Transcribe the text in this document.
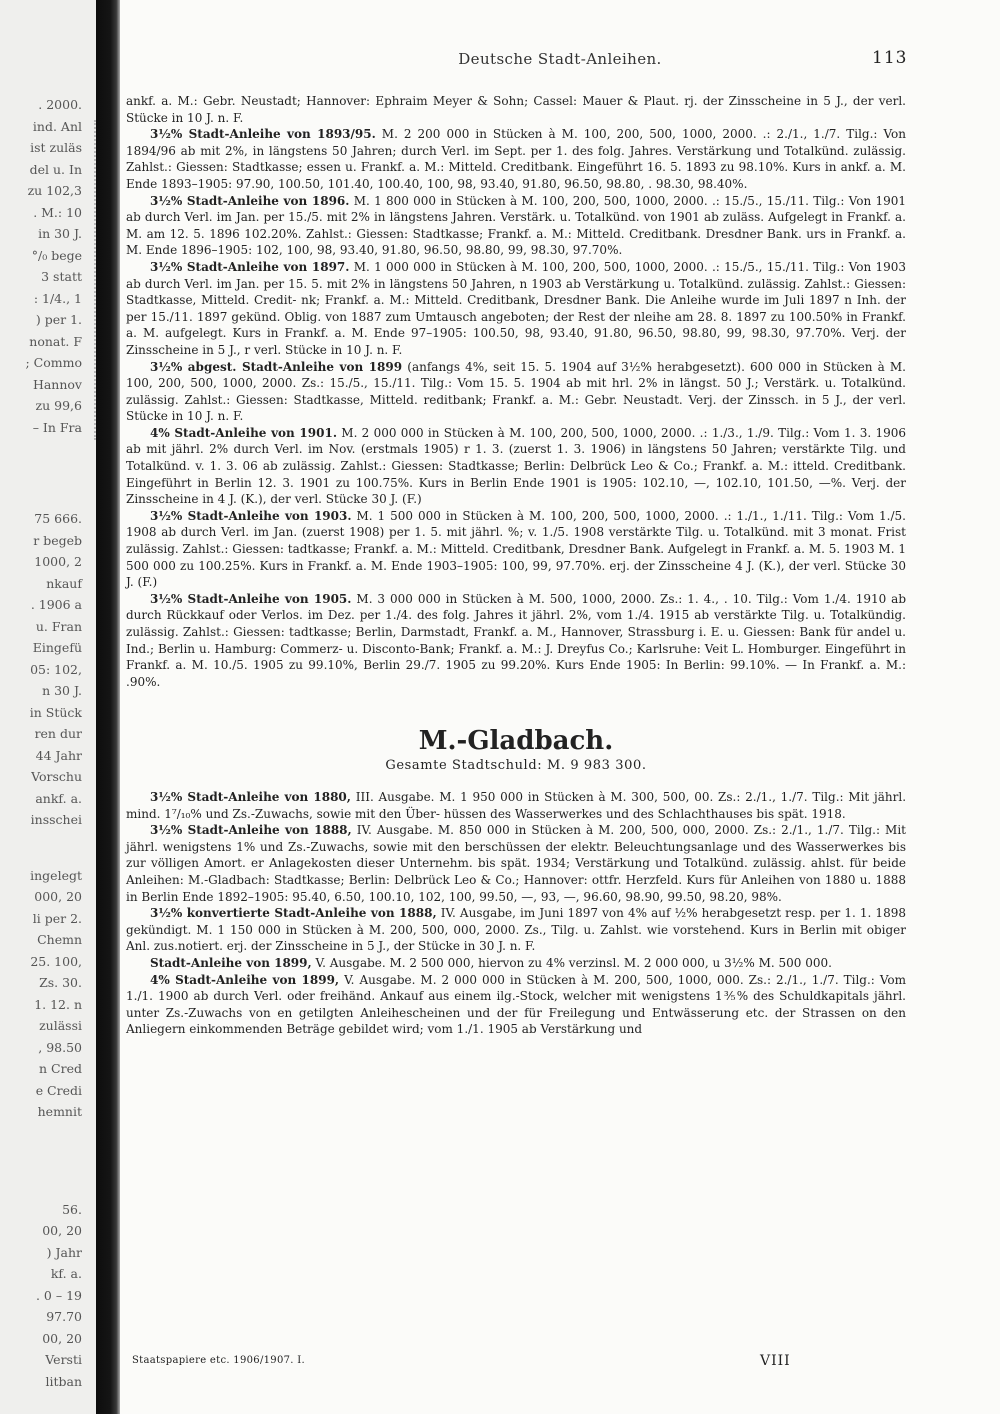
. 2000.
ind. Anl
ist zuläs
del u. In
zu 102,3
. M.: 10
in 30 J.
°/₀ bege
3 statt
: 1/4., 1
) per 1.
nonat. F
; Commo
Hannov
zu 99,6
– In Fra
75 666.
r begeb
1000, 2
nkauf
. 1906 a
u. Fran
Eingefü
05: 102,
n 30 J.
in Stück
ren dur
44 Jahr
Vorschu
ankf. a.
insschei
ingelegt
000, 20
li per 2.
Chemn
25. 100,
Zs. 30.
1. 12. n
zulässi
, 98.50
n Cred
e Credi
hemnit
56.
00, 20
) Jahr
kf. a.
. 0 – 19
97.70
00, 20
Versti
litban
Deutsche Stadt-Anleihen.	113

ankf. a. M.: Gebr. Neustadt; Hannover: Ephraim Meyer & Sohn; Cassel: Mauer & Plaut. rj. der Zinsscheine in 5 J., der verl. Stücke in 10 J. n. F.

3½% Stadt-Anleihe von 1893/95. M. 2 200 000 in Stücken à M. 100, 200, 500, 1000, 2000. .: 2./1., 1./7. Tilg.: Von 1894/96 ab mit 2%, in längstens 50 Jahren; durch Verl. im Sept. per 1. des folg. Jahres. Verstärkung und Totalkünd. zulässig. Zahlst.: Giessen: Stadtkasse; essen u. Frankf. a. M.: Mitteld. Creditbank. Eingeführt 16. 5. 1893 zu 98.10%. Kurs in ankf. a. M. Ende 1893–1905: 97.90, 100.50, 101.40, 100.40, 100, 98, 93.40, 91.80, 96.50, 98.80, . 98.30, 98.40%.

3½% Stadt-Anleihe von 1896. M. 1 800 000 in Stücken à M. 100, 200, 500, 1000, 2000. .: 15./5., 15./11. Tilg.: Von 1901 ab durch Verl. im Jan. per 15./5. mit 2% in längstens Jahren. Verstärk. u. Totalkünd. von 1901 ab zuläss. Aufgelegt in Frankf. a. M. am 12. 5. 1896 102.20%. Zahlst.: Giessen: Stadtkasse; Frankf. a. M.: Mitteld. Creditbank. Dresdner Bank. urs in Frankf. a. M. Ende 1896–1905: 102, 100, 98, 93.40, 91.80, 96.50, 98.80, 99, 98.30, 97.70%.

3½% Stadt-Anleihe von 1897. M. 1 000 000 in Stücken à M. 100, 200, 500, 1000, 2000. .: 15./5., 15./11. Tilg.: Von 1903 ab durch Verl. im Jan. per 15. 5. mit 2% in längstens 50 Jahren, n 1903 ab Verstärkung u. Totalkünd. zulässig. Zahlst.: Giessen: Stadtkasse, Mitteld. Credit- nk; Frankf. a. M.: Mitteld. Creditbank, Dresdner Bank. Die Anleihe wurde im Juli 1897 n Inh. der per 15./11. 1897 gekünd. Oblig. von 1887 zum Umtausch angeboten; der Rest der nleihe am 28. 8. 1897 zu 100.50% in Frankf. a. M. aufgelegt. Kurs in Frankf. a. M. Ende 97–1905: 100.50, 98, 93.40, 91.80, 96.50, 98.80, 99, 98.30, 97.70%. Verj. der Zinsscheine in 5 J., r verl. Stücke in 10 J. n. F.

3½% abgest. Stadt-Anleihe von 1899 (anfangs 4%, seit 15. 5. 1904 auf 3½% herabgesetzt). 600 000 in Stücken à M. 100, 200, 500, 1000, 2000. Zs.: 15./5., 15./11. Tilg.: Vom 15. 5. 1904 ab mit hrl. 2% in längst. 50 J.; Verstärk. u. Totalkünd. zulässig. Zahlst.: Giessen: Stadtkasse, Mitteld. reditbank; Frankf. a. M.: Gebr. Neustadt. Verj. der Zinssch. in 5 J., der verl. Stücke in 10 J. n. F.

4% Stadt-Anleihe von 1901. M. 2 000 000 in Stücken à M. 100, 200, 500, 1000, 2000. .: 1./3., 1./9. Tilg.: Vom 1. 3. 1906 ab mit jährl. 2% durch Verl. im Nov. (erstmals 1905) r 1. 3. (zuerst 1. 3. 1906) in längstens 50 Jahren; verstärkte Tilg. und Totalkünd. v. 1. 3. 06 ab zulässig. Zahlst.: Giessen: Stadtkasse; Berlin: Delbrück Leo & Co.; Frankf. a. M.: itteld. Creditbank. Eingeführt in Berlin 12. 3. 1901 zu 100.75%. Kurs in Berlin Ende 1901 is 1905: 102.10, —, 102.10, 101.50, —%. Verj. der Zinsscheine in 4 J. (K.), der verl. Stücke 30 J. (F.)

3½% Stadt-Anleihe von 1903. M. 1 500 000 in Stücken à M. 100, 200, 500, 1000, 2000. .: 1./1., 1./11. Tilg.: Vom 1./5. 1908 ab durch Verl. im Jan. (zuerst 1908) per 1. 5. mit jährl. %; v. 1./5. 1908 verstärkte Tilg. u. Totalkünd. mit 3 monat. Frist zulässig. Zahlst.: Giessen: tadtkasse; Frankf. a. M.: Mitteld. Creditbank, Dresdner Bank. Aufgelegt in Frankf. a. M. 5. 1903 M. 1 500 000 zu 100.25%. Kurs in Frankf. a. M. Ende 1903–1905: 100, 99, 97.70%. erj. der Zinsscheine 4 J. (K.), der verl. Stücke 30 J. (F.)

3½% Stadt-Anleihe von 1905. M. 3 000 000 in Stücken à M. 500, 1000, 2000. Zs.: 1. 4., . 10. Tilg.: Vom 1./4. 1910 ab durch Rückkauf oder Verlos. im Dez. per 1./4. des folg. Jahres it jährl. 2%, vom 1./4. 1915 ab verstärkte Tilg. u. Totalkündig. zulässig. Zahlst.: Giessen: tadtkasse; Berlin, Darmstadt, Frankf. a. M., Hannover, Strassburg i. E. u. Giessen: Bank für andel u. Ind.; Berlin u. Hamburg: Commerz- u. Disconto-Bank; Frankf. a. M.: J. Dreyfus Co.; Karlsruhe: Veit L. Homburger. Eingeführt in Frankf. a. M. 10./5. 1905 zu 99.10%, Berlin 29./7. 1905 zu 99.20%. Kurs Ende 1905: In Berlin: 99.10%. — In Frankf. a. M.: .90%.

M.-Gladbach.
Gesamte Stadtschuld: M. 9 983 300.

3½% Stadt-Anleihe von 1880, III. Ausgabe. M. 1 950 000 in Stücken à M. 300, 500, 00. Zs.: 2./1., 1./7. Tilg.: Mit jährl. mind. 1⁷/₁₀% und Zs.-Zuwachs, sowie mit den Über- hüssen des Wasserwerkes und des Schlachthauses bis spät. 1918.

3½% Stadt-Anleihe von 1888, IV. Ausgabe. M. 850 000 in Stücken à M. 200, 500, 000, 2000. Zs.: 2./1., 1./7. Tilg.: Mit jährl. wenigstens 1% und Zs.-Zuwachs, sowie mit den berschüssen der elektr. Beleuchtungsanlage und des Wasserwerkes bis zur völligen Amort. er Anlagekosten dieser Unternehm. bis spät. 1934; Verstärkung und Totalkünd. zulässig. ahlst. für beide Anleihen: M.-Gladbach: Stadtkasse; Berlin: Delbrück Leo & Co.; Hannover: ottfr. Herzfeld. Kurs für Anleihen von 1880 u. 1888 in Berlin Ende 1892–1905: 95.40, 6.50, 100.10, 102, 100, 99.50, —, 93, —, 96.60, 98.90, 99.50, 98.20, 98%.

3½% konvertierte Stadt-Anleihe von 1888, IV. Ausgabe, im Juni 1897 von 4% auf ½% herabgesetzt resp. per 1. 1. 1898 gekündigt. M. 1 150 000 in Stücken à M. 200, 500, 000, 2000. Zs., Tilg. u. Zahlst. wie vorstehend. Kurs in Berlin mit obiger Anl. zus.notiert. erj. der Zinsscheine in 5 J., der Stücke in 30 J. n. F.

Stadt-Anleihe von 1899, V. Ausgabe. M. 2 500 000, hiervon zu 4% verzinsl. M. 2 000 000, u 3½% M. 500 000.

4% Stadt-Anleihe von 1899, V. Ausgabe. M. 2 000 000 in Stücken à M. 200, 500, 1000, 000. Zs.: 2./1., 1./7. Tilg.: Vom 1./1. 1900 ab durch Verl. oder freihänd. Ankauf aus einem ilg.-Stock, welcher mit wenigstens 1⅗% des Schuldkapitals jährl. unter Zs.-Zuwachs von en getilgten Anleihescheinen und der für Freilegung und Entwässerung etc. der Strassen on den Anliegern einkommenden Beträge gebildet wird; vom 1./1. 1905 ab Verstärkung und

Staatspapiere etc. 1906/1907. I.	VIII
